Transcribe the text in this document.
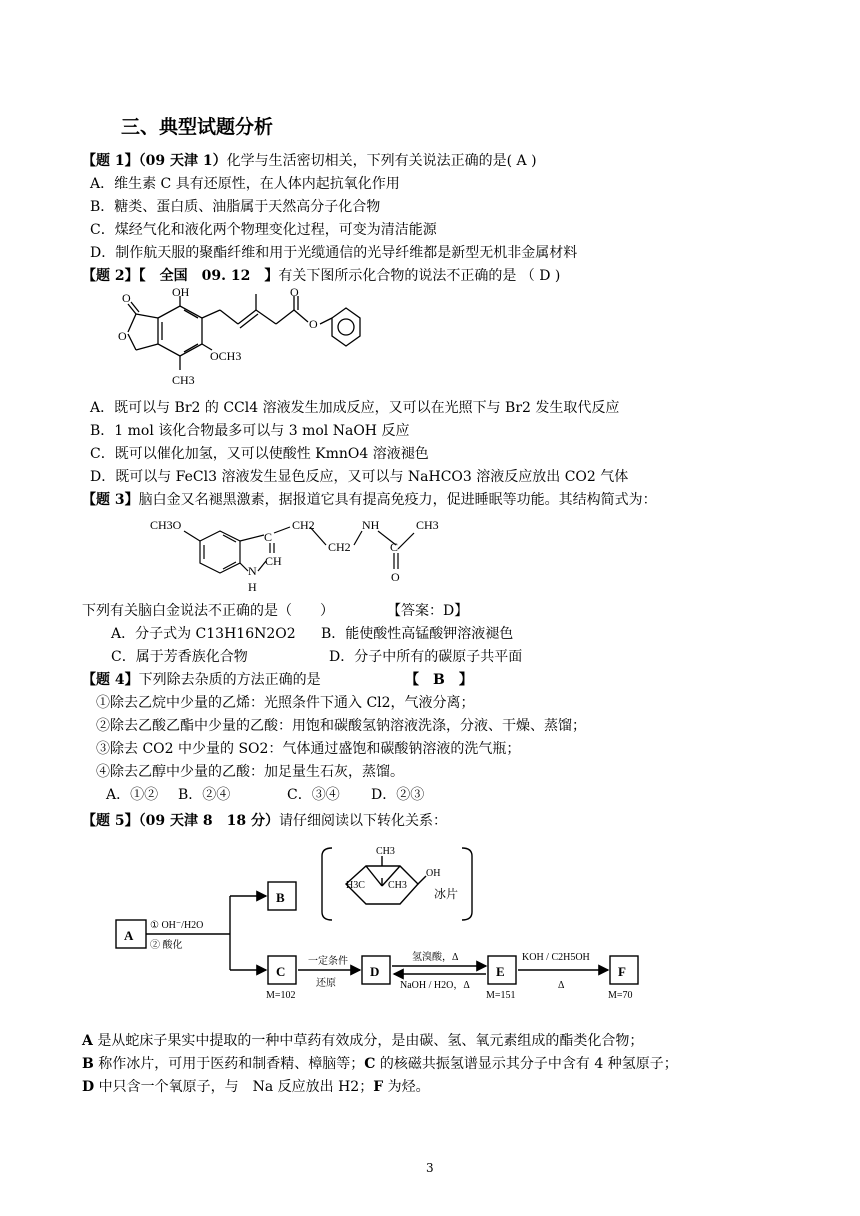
三、典型试题分析
【题 1】（09 天津 1）化学与生活密切相关，下列有关说法正确的是( A )
A．维生素 C 具有还原性，在人体内起抗氧化作用
B．糖类、蛋白质、油脂属于天然高分子化合物
C．煤经气化和液化两个物理变化过程，可变为清洁能源
D．制作航天服的聚酯纤维和用于光缆通信的光导纤维都是新型无机非金属材料
【题 2】【　全国　09. 12　】有关下图所示化合物的说法不正确的是 （ D )
OH
O
O
OCH3
CH3
O
O
A．既可以与 Br2 的 CCl4 溶液发生加成反应，又可以在光照下与 Br2 发生取代反应
B．1 mol 该化合物最多可以与 3 mol NaOH 反应
C．既可以催化加氢，又可以使酸性 KmnO4 溶液褪色
D．既可以与 FeCl3 溶液发生显色反应，又可以与 NaHCO3 溶液反应放出 CO2 气体
【题 3】脑白金又名褪黑激素，据报道它具有提高免疫力，促进睡眠等功能。其结构简式为：
CH3O
C
CH
N
H
CH2
CH2
NH
C
CH3
O
下列有关脑白金说法不正确的是（　　）	【答案：D】
A．分子式为 C13H16N2O2 B．能使酸性高锰酸钾溶液褪色
C．属于芳香族化合物	D．分子中所有的碳原子共平面
【题 4】下列除去杂质的方法正确的是	【　B　】
①除去乙烷中少量的乙烯：光照条件下通入 Cl2，气液分离；
②除去乙酸乙酯中少量的乙酸：用饱和碳酸氢钠溶液洗涤，分液、干燥、蒸馏；
③除去 CO2 中少量的 SO2：气体通过盛饱和碳酸钠溶液的洗气瓶；
④除去乙醇中少量的乙酸：加足量生石灰，蒸馏。
A．①② B．②④	C．③④ D．②③
【题 5】（09 天津 8　18 分）请仔细阅读以下转化关系：
A
B
C	D	E	F
① OH⁻/H2O
② 酸化
M=102	M=151	M=70
一定条件
还原
氢溴酸，Δ
NaOH / H2O，Δ
KOH / C2H5OH
Δ
CH3
H3C CH3
OH
冰片
A 是从蛇床子果实中提取的一种中草药有效成分，是由碳、氢、氧元素组成的酯类化合物；
B 称作冰片，可用于医药和制香精、樟脑等；C 的核磁共振氢谱显示其分子中含有 4 种氢原子；
D 中只含一个氧原子，与　Na 反应放出 H2；F 为烃。
3
